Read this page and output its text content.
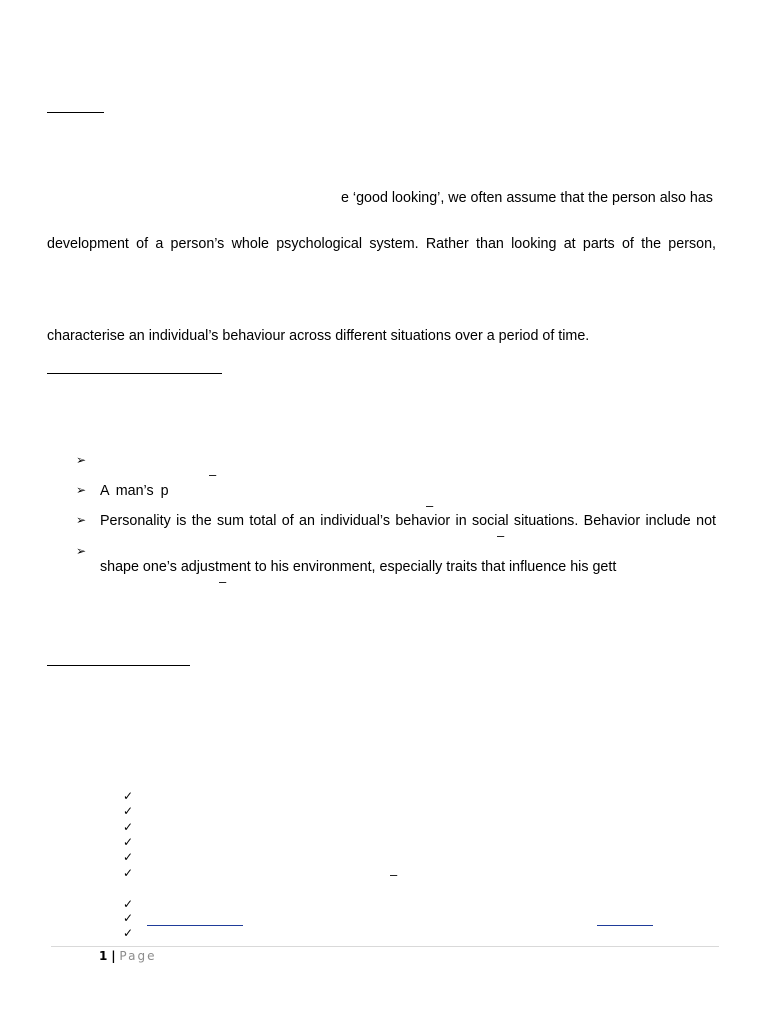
e ‘good looking’, we often assume that the person also has
development of a person’s whole psychological system. Rather than looking at parts of the person,
characterise an individual’s behaviour across different situations over a period of time.
➢
–
➢ A man’s p
–
➢ Personality is the sum total of an individual’s behavior in social situations. Behavior include not
–
➢
shape one’s adjustment to his environment, especially traits that influence his gett
–
✓
✓
✓
✓
✓
✓	–
✓
✓
✓
1 | Page
